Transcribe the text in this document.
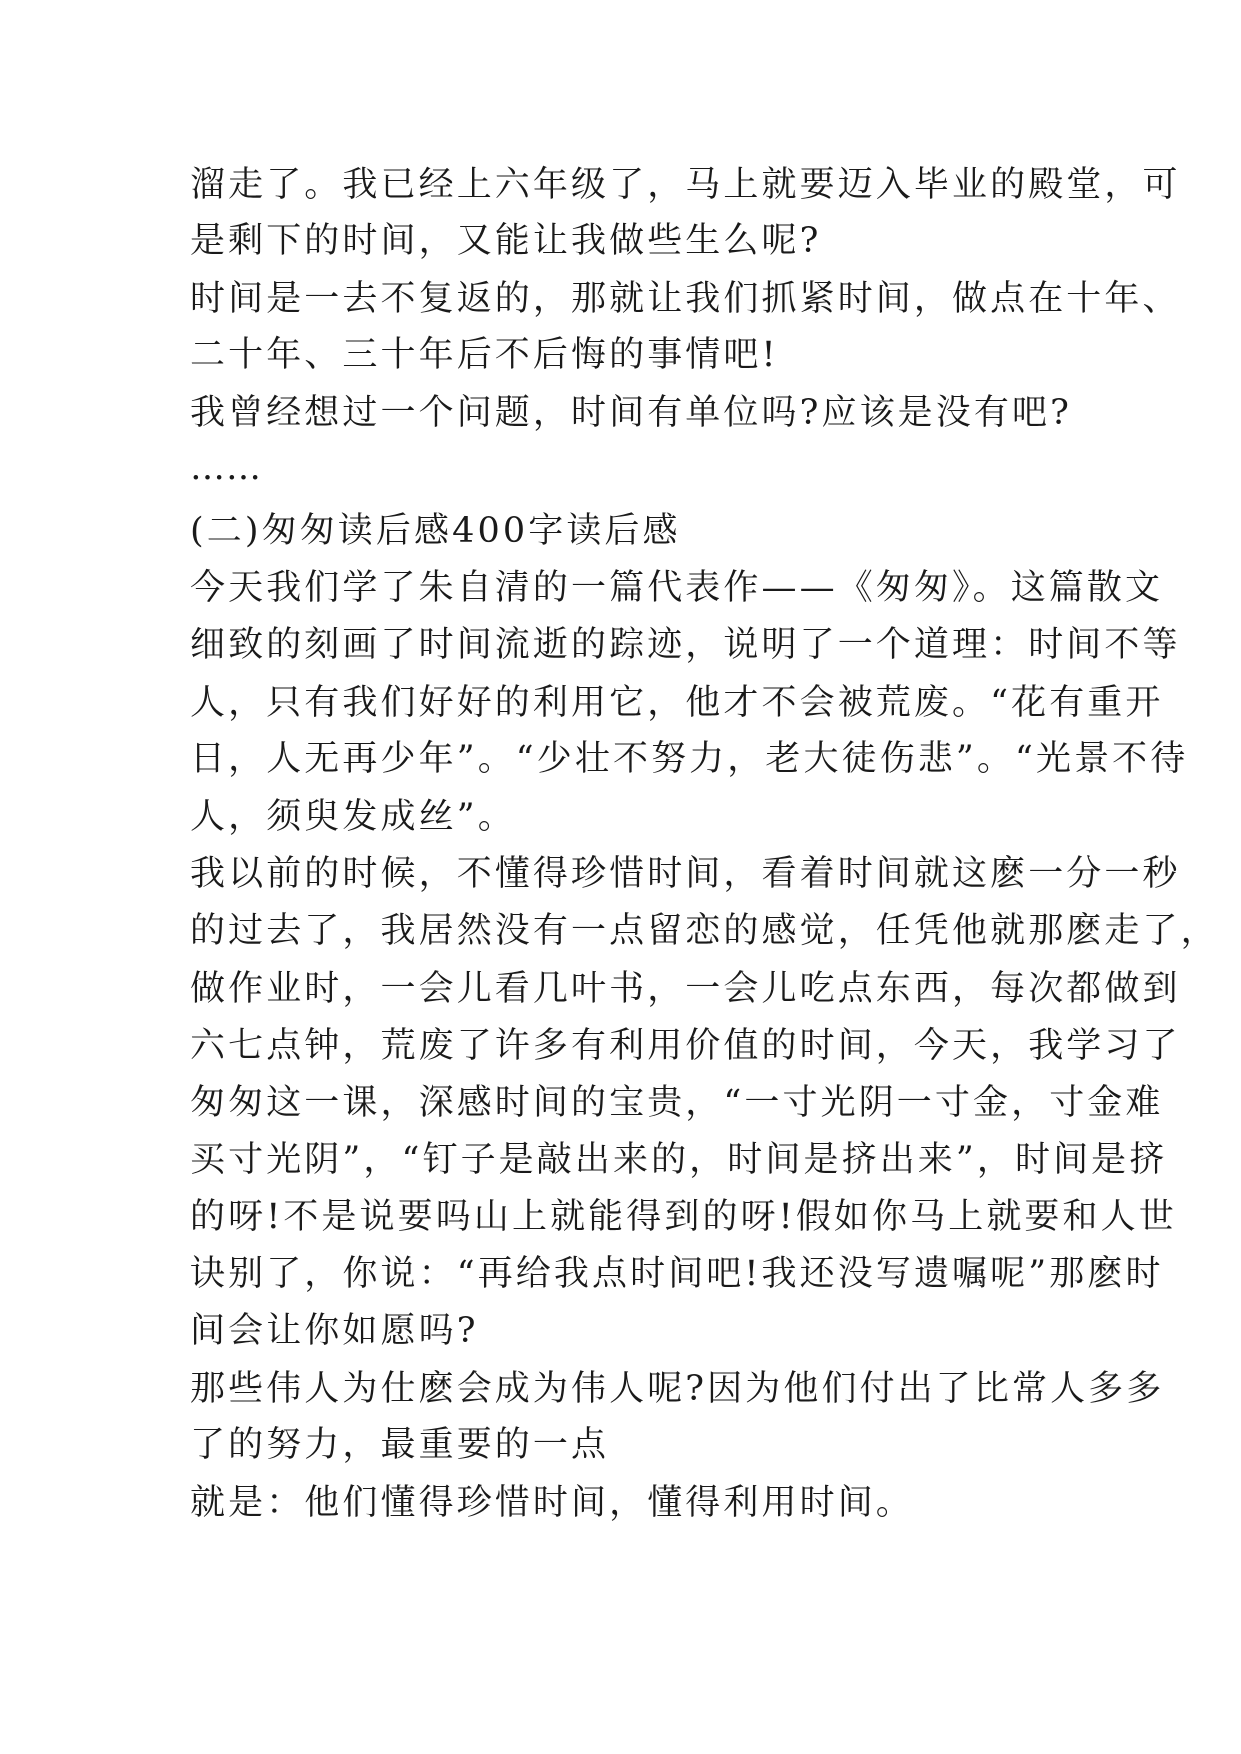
溜走了。我已经上六年级了，马上就要迈入毕业的殿堂，可
是剩下的时间，又能让我做些生么呢?
时间是一去不复返的，那就让我们抓紧时间，做点在十年、
二十年、三十年后不后悔的事情吧!
我曾经想过一个问题，时间有单位吗?应该是没有吧?
……
(二)匆匆读后感400字读后感
今天我们学了朱自清的一篇代表作——《匆匆》。这篇散文
细致的刻画了时间流逝的踪迹，说明了一个道理：时间不等
人，只有我们好好的利用它，他才不会被荒废。“花有重开
日，人无再少年”。“少壮不努力，老大徒伤悲”。“光景不待
人，须臾发成丝”。
我以前的时候，不懂得珍惜时间，看着时间就这麽一分一秒
的过去了，我居然没有一点留恋的感觉，任凭他就那麽走了，
做作业时，一会儿看几叶书，一会儿吃点东西，每次都做到
六七点钟，荒废了许多有利用价值的时间，今天，我学习了
匆匆这一课，深感时间的宝贵，“一寸光阴一寸金，寸金难
买寸光阴”，“钉子是敲出来的，时间是挤出来”，时间是挤
的呀!不是说要吗山上就能得到的呀!假如你马上就要和人世
诀别了，你说：“再给我点时间吧!我还没写遗嘱呢”那麽时
间会让你如愿吗?
那些伟人为仕麽会成为伟人呢?因为他们付出了比常人多多
了的努力，最重要的一点
就是：他们懂得珍惜时间，懂得利用时间。
